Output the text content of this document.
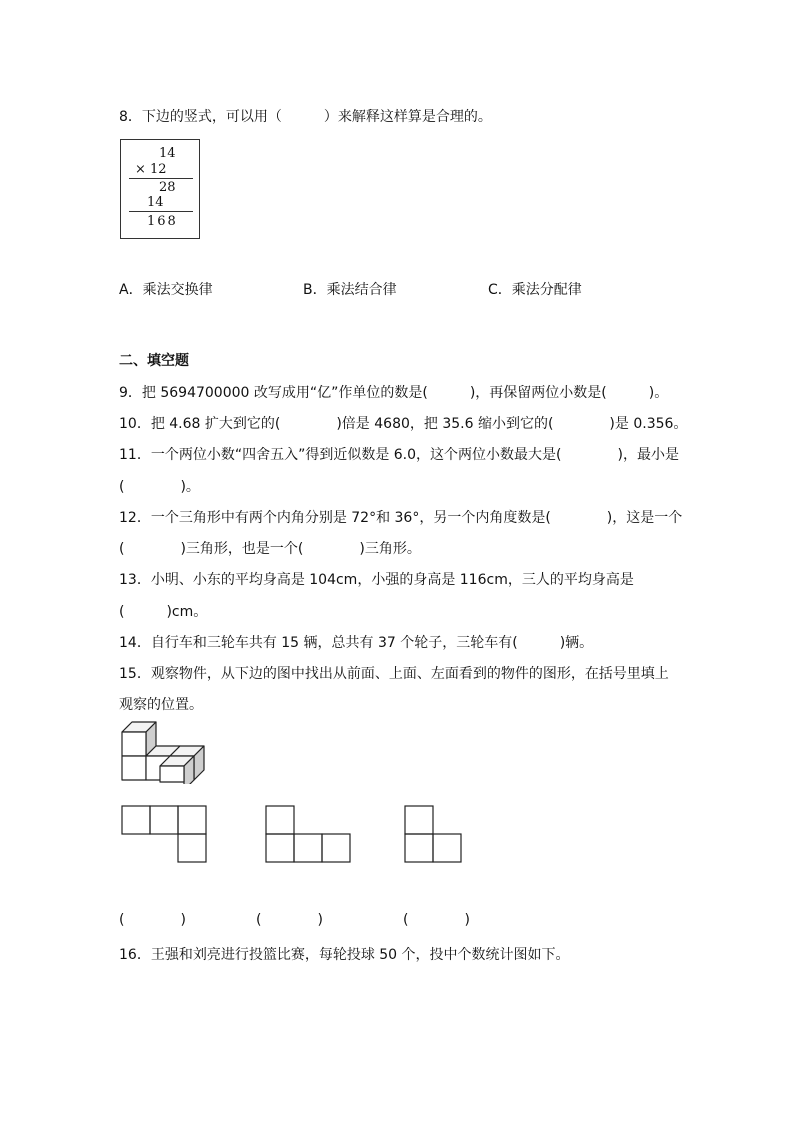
8．下边的竖式，可以用（　　　）来解释这样算是合理的。
14
× 12
28
14
168
A．乘法交换律	B．乘法结合律	C．乘法分配律
二、填空题
9．把 5694700000 改写成用“亿”作单位的数是(　　　)，再保留两位小数是(　　　)。
10．把 4.68 扩大到它的(　　　　)倍是 4680，把 35.6 缩小到它的(　　　　)是 0.356。
11．一个两位小数“四舍五入”得到近似数是 6.0，这个两位小数最大是(　　　　)，最小是
(　　　　)。
12．一个三角形中有两个内角分别是 72°和 36°，另一个内角度数是(　　　　)，这是一个
(　　　　)三角形，也是一个(　　　　)三角形。
13．小明、小东的平均身高是 104cm，小强的身高是 116cm，三人的平均身高是
(　　　)cm。
14．自行车和三轮车共有 15 辆，总共有 37 个轮子，三轮车有(　　　)辆。
15．观察物件，从下边的图中找出从前面、上面、左面看到的物件的图形，在括号里填上
观察的位置。
(　　　　)	(　　　　)	(　　　　)
16．王强和刘亮进行投篮比赛，每轮投球 50 个，投中个数统计图如下。
